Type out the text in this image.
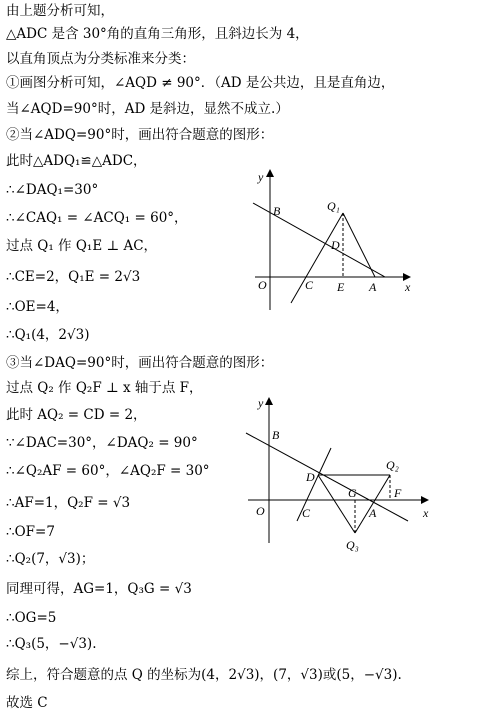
由上题分析可知，
△ADC 是含 30°角的直角三角形，且斜边长为 4，
以直角顶点为分类标准来分类：
①画图分析可知，∠AQD ≠ 90°．（AD 是公共边，且是直角边，
当∠AQD=90°时，AD 是斜边，显然不成立.）
②当∠ADQ=90°时，画出符合题意的图形：
此时△ADQ₁≌△ADC，
∴∠DAQ₁=30°
∴∠CAQ₁ = ∠ACQ₁ = 60°，
过点 Q₁ 作 Q₁E ⊥ AC，
∴CE=2，Q₁E = 2√3
∴OE=4，
∴Q₁(4，2√3)
③当∠DAQ=90°时，画出符合题意的图形：
过点 Q₂ 作 Q₂F ⊥ x 轴于点 F，
此时 AQ₂ = CD = 2，
∵∠DAC=30°，∠DAQ₂ = 90°
∴∠Q₂AF = 60°，∠AQ₂F = 30°
∴AF=1，Q₂F = √3
∴OF=7
∴Q₂(7，√3)；
同理可得，AG=1，Q₃G = √3
∴OG=5
∴Q₃(5，−√3).
综上，符合题意的点 Q 的坐标为(4，2√3)，(7，√3)或(5，−√3).
故选 C
y
x
O
B	Q₁
D
C E A
y
x
O
B
D
Q₂
G	F
C	A
Q₃
